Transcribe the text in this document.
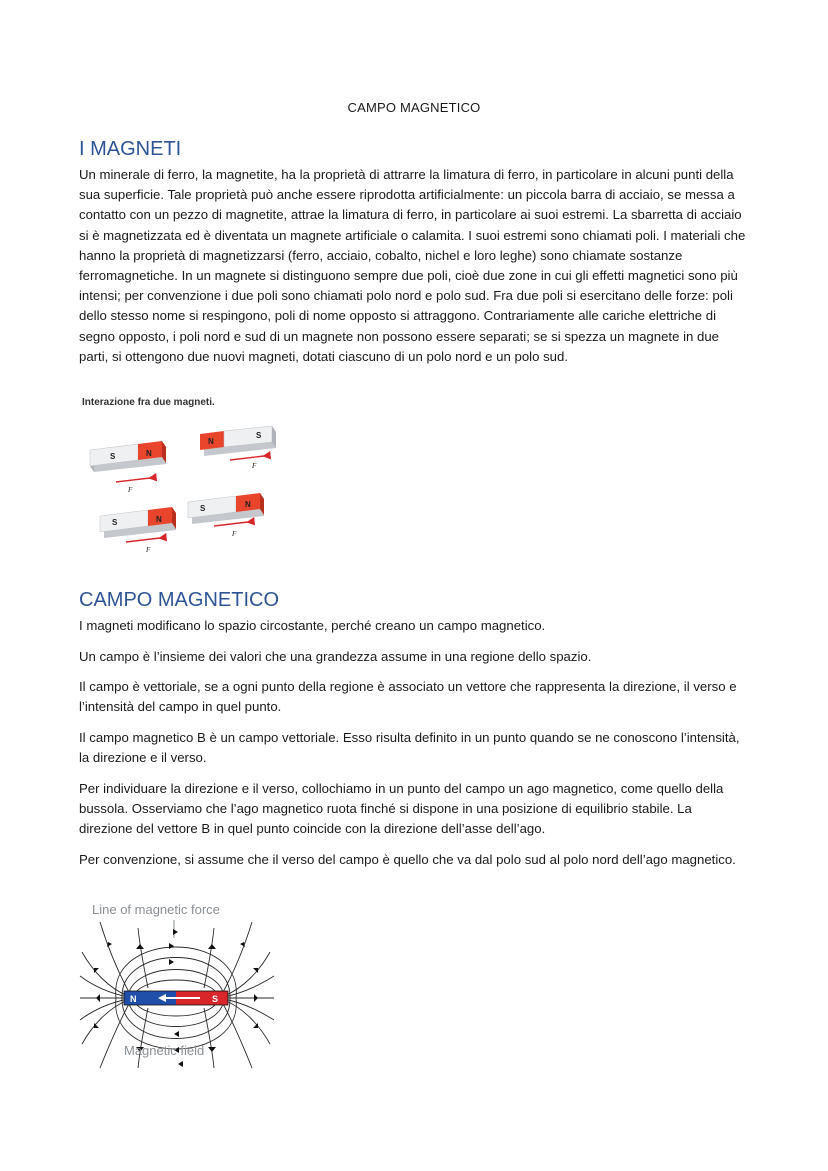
CAMPO MAGNETICO
I MAGNETI

Un minerale di ferro, la magnetite, ha la proprietà di attrarre la limatura di ferro, in particolare in alcuni punti della sua superficie. Tale proprietà può anche essere riprodotta artificialmente: un piccola barra di acciaio, se messa a contatto con un pezzo di magnetite, attrae la limatura di ferro, in particolare ai suoi estremi. La sbarretta di acciaio si è magnetizzata ed è diventata un magnete artificiale o calamita. I suoi estremi sono chiamati poli. I materiali che hanno la proprietà di magnetizzarsi (ferro, acciaio, cobalto, nichel e loro leghe) sono chiamate sostanze ferromagnetiche. In un magnete si distinguono sempre due poli, cioè due zone in cui gli effetti magnetici sono più intensi; per convenzione i due poli sono chiamati polo nord e polo sud. Fra due poli si esercitano delle forze: poli dello stesso nome si respingono, poli di nome opposto si attraggono. Contrariamente alle cariche elettriche di segno opposto, i poli nord e sud di un magnete non possono essere separati; se si spezza un magnete in due parti, si ottengono due nuovi magneti, dotati ciascuno di un polo nord e un polo sud.

Interazione fra due magneti.
S	N
F
N
S
F
S	N
F
S	N
F
CAMPO MAGNETICO

I magneti modificano lo spazio circostante, perché creano un campo magnetico.

Un campo è l’insieme dei valori che una grandezza assume in una regione dello spazio.

Il campo è vettoriale, se a ogni punto della regione è associato un vettore che rappresenta la direzione, il verso e l’intensità del campo in quel punto.

Il campo magnetico B è un campo vettoriale. Esso risulta definito in un punto quando se ne conoscono l’intensità, la direzione e il verso.

Per individuare la direzione e il verso, collochiamo in un punto del campo un ago magnetico, come quello della bussola. Osserviamo che l’ago magnetico ruota finché si dispone in una posizione di equilibrio stabile. La direzione del vettore B in quel punto coincide con la direzione dell’asse dell’ago.

Per convenzione, si assume che il verso del campo è quello che va dal polo sud al polo nord dell’ago magnetico.

Line of magnetic force
N	S
Magnetic field
